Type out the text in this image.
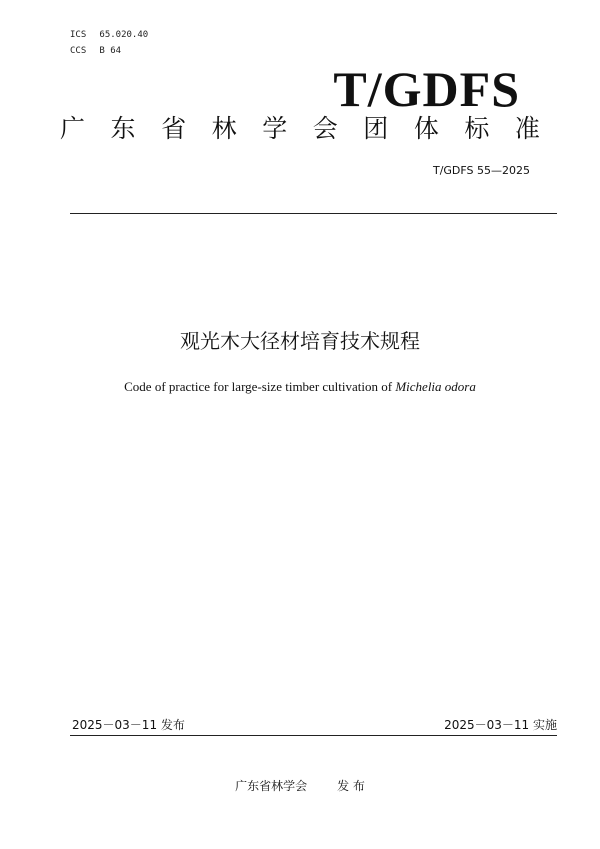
ICS 65.020.40
CCS B 64
T/GDFS
广 东 省 林 学 会 团 体 标 准
T/GDFS 55—2025
观光木大径材培育技术规程
Code of practice for large-size timber cultivation of Michelia odora
2025－03－11 发布	2025－03－11 实施
广东省林学会	发 布
